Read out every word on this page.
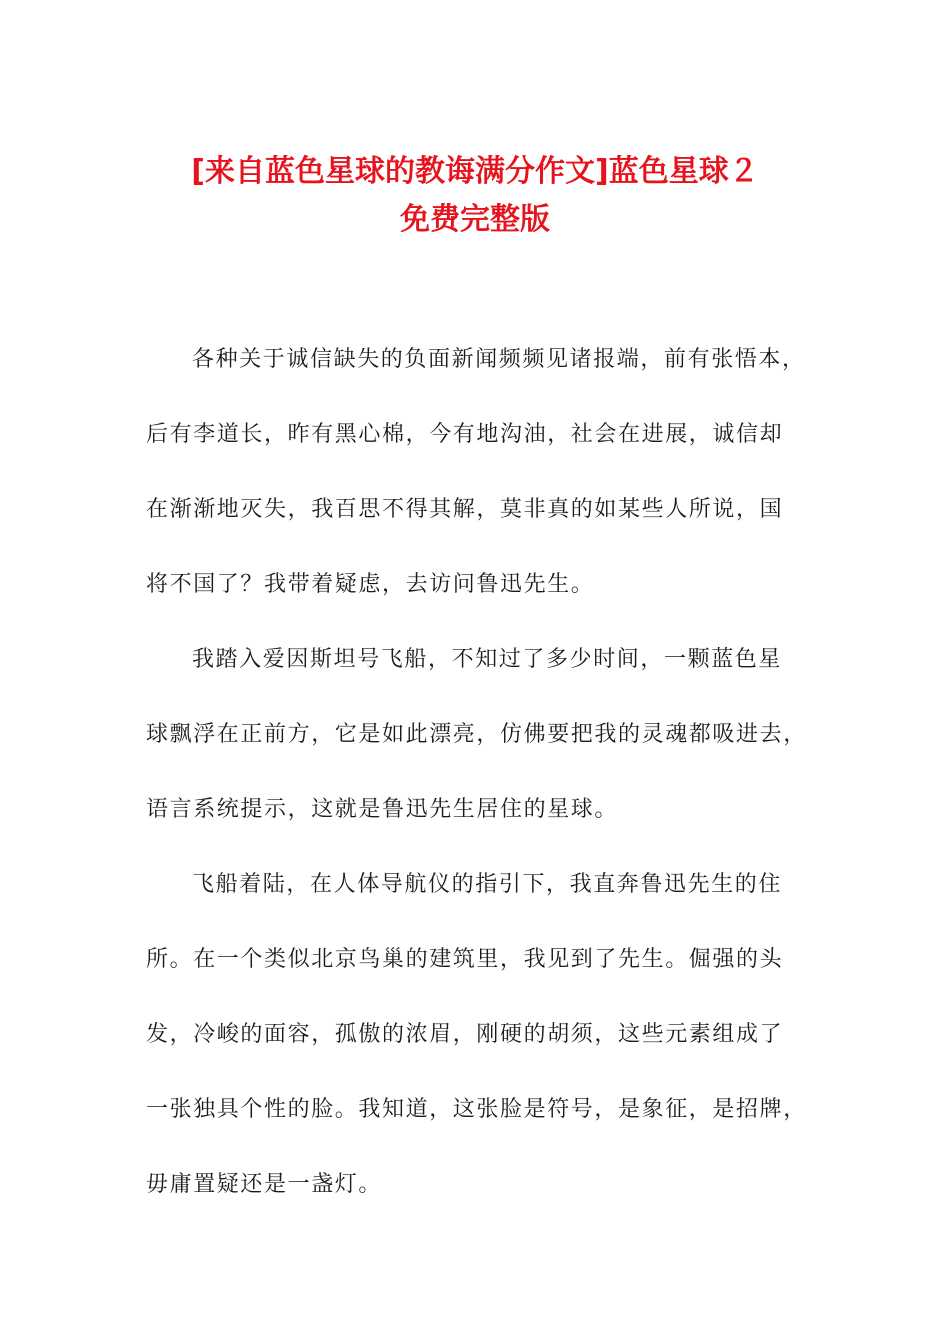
[来自蓝色星球的教诲满分作文]蓝色星球２
免费完整版
各种关于诚信缺失的负面新闻频频见诸报端，前有张悟本，
后有李道长，昨有黑心棉，今有地沟油，社会在进展，诚信却
在渐渐地灭失，我百思不得其解，莫非真的如某些人所说，国
将不国了？我带着疑虑，去访问鲁迅先生。
我踏入爱因斯坦号飞船，不知过了多少时间，一颗蓝色星
球飘浮在正前方，它是如此漂亮，仿佛要把我的灵魂都吸进去，
语言系统提示，这就是鲁迅先生居住的星球。
飞船着陆，在人体导航仪的指引下，我直奔鲁迅先生的住
所。在一个类似北京鸟巢的建筑里，我见到了先生。倔强的头
发，冷峻的面容，孤傲的浓眉，刚硬的胡须，这些元素组成了
一张独具个性的脸。我知道，这张脸是符号，是象征，是招牌，
毋庸置疑还是一盏灯。
